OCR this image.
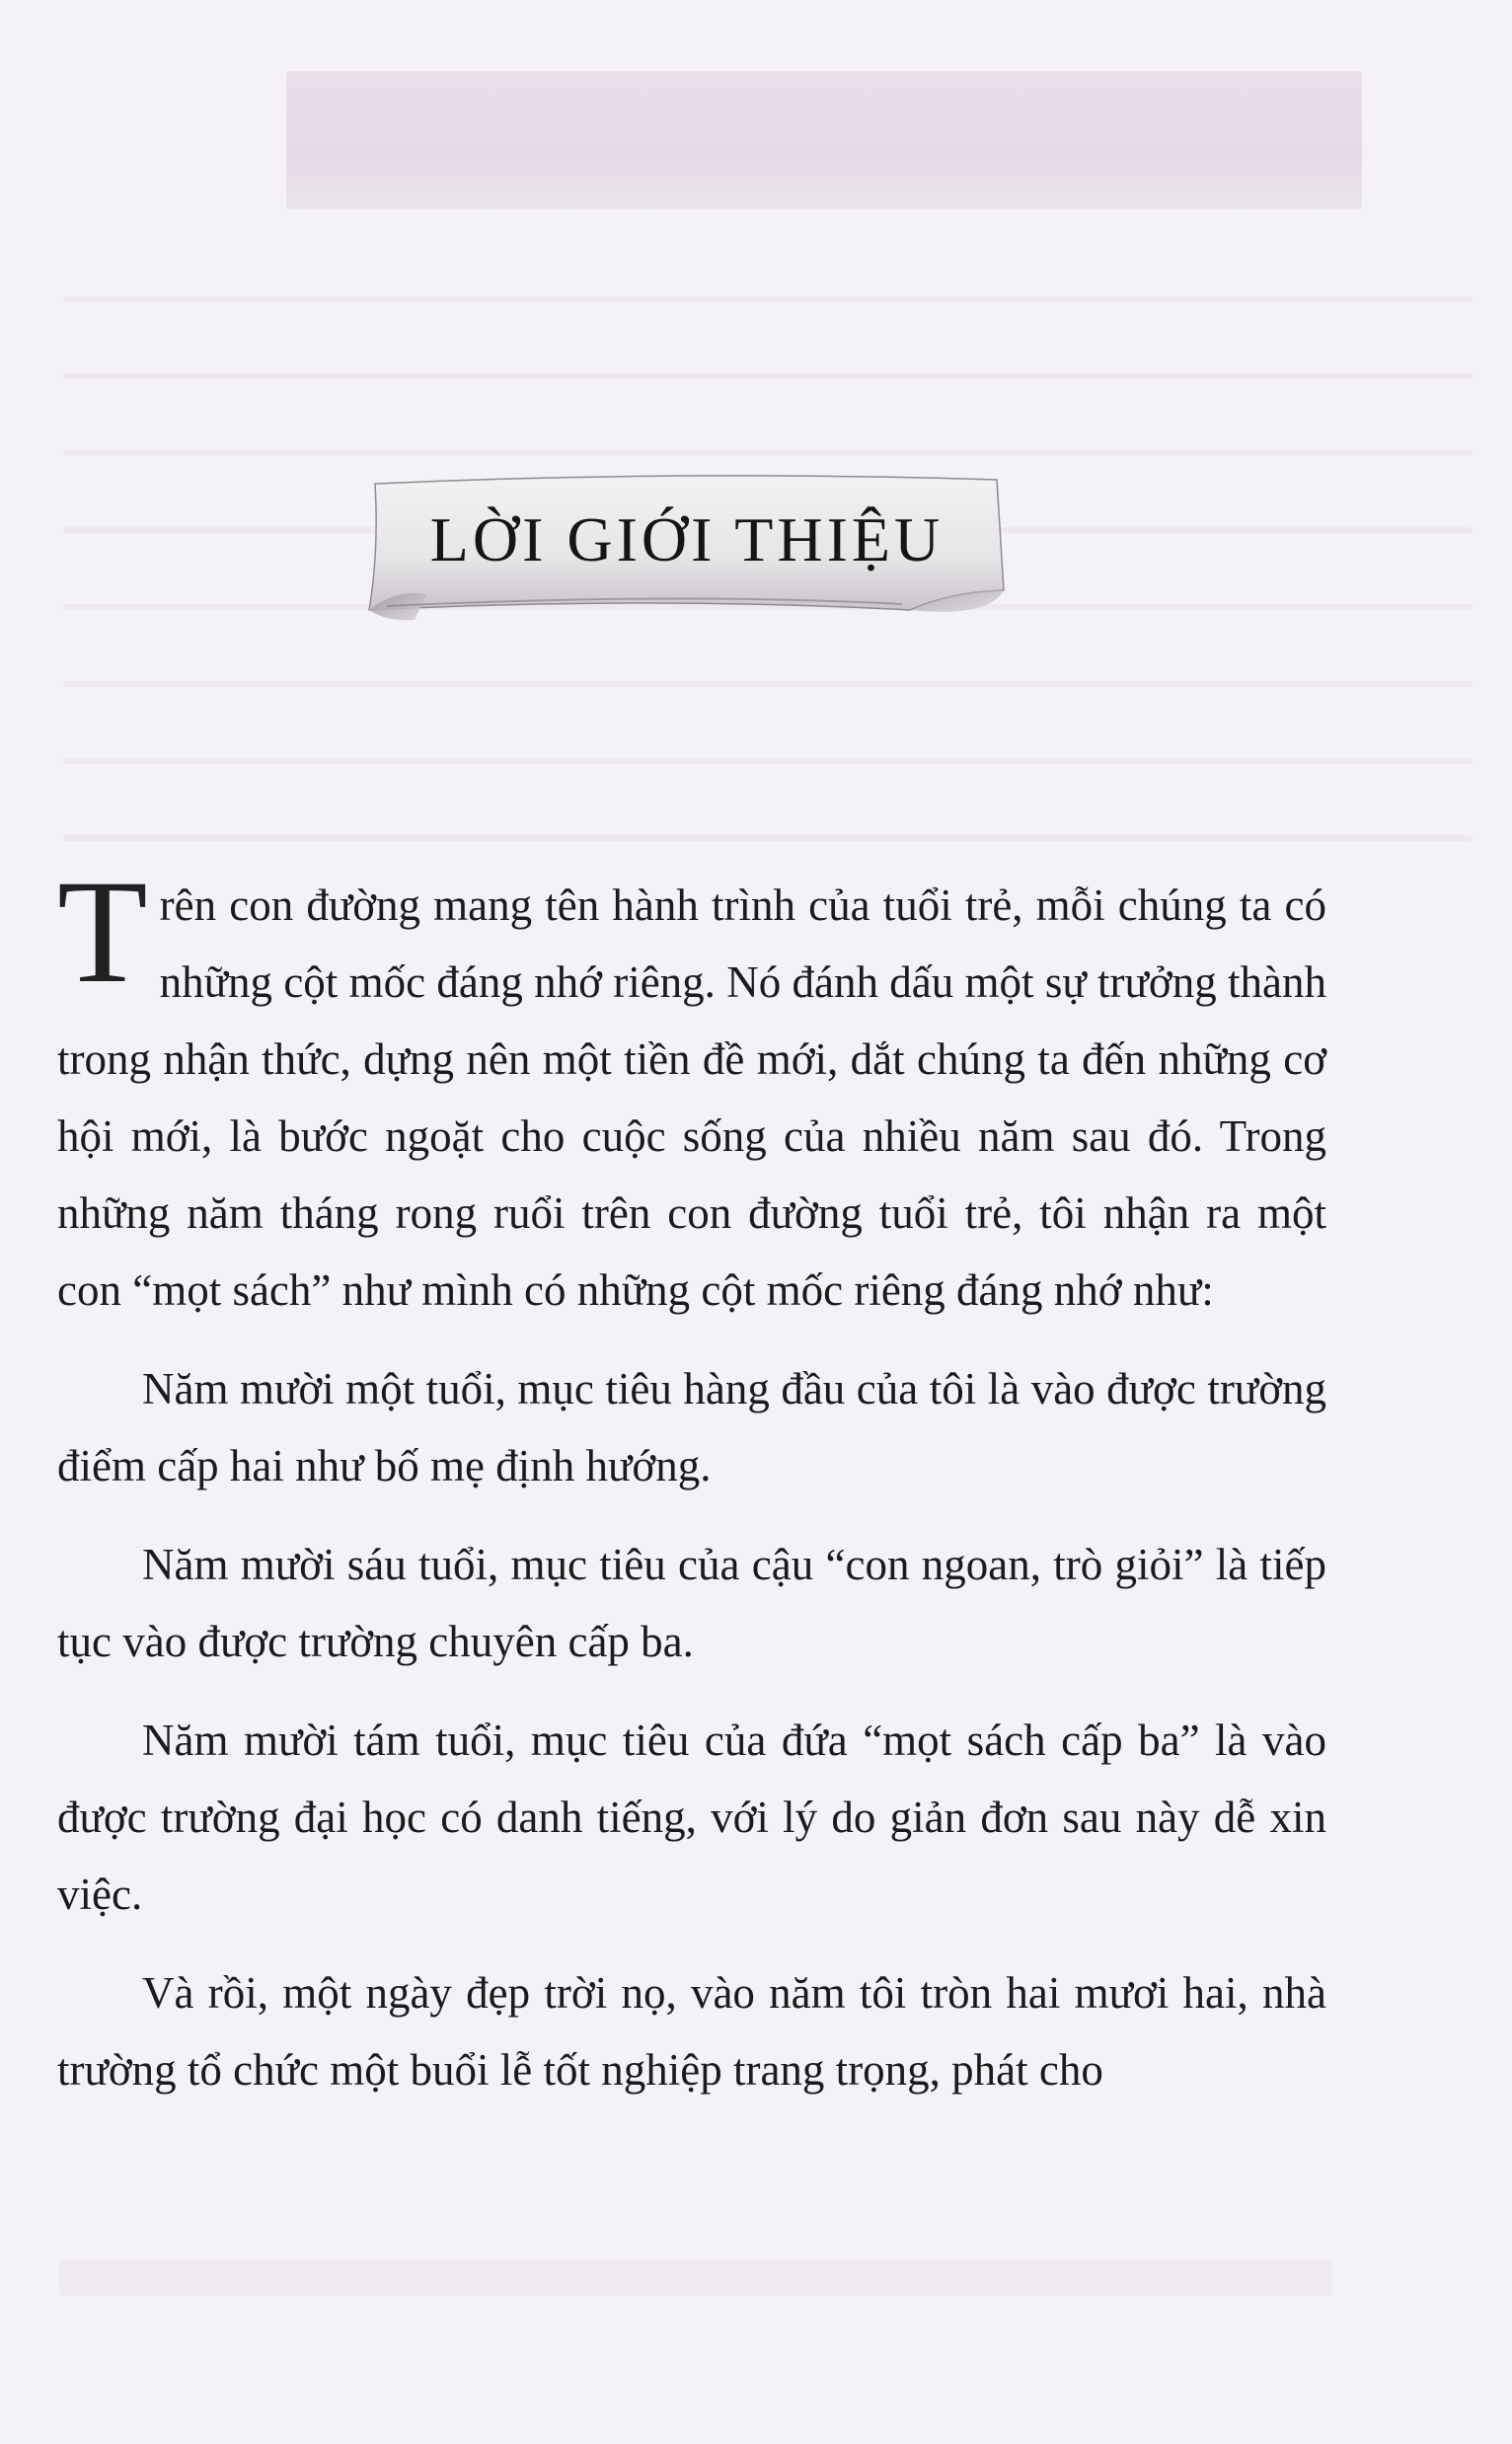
LỜI GIỚI THIỆU

Trên con đường mang tên hành trình của tuổi trẻ, mỗi chúng ta có những cột mốc đáng nhớ riêng. Nó đánh dấu một sự trưởng thành trong nhận thức, dựng nên một tiền đề mới, dắt chúng ta đến những cơ hội mới, là bước ngoặt cho cuộc sống của nhiều năm sau đó. Trong những năm tháng rong ruổi trên con đường tuổi trẻ, tôi nhận ra một con “mọt sách” như mình có những cột mốc riêng đáng nhớ như:

Năm mười một tuổi, mục tiêu hàng đầu của tôi là vào được trường điểm cấp hai như bố mẹ định hướng.

Năm mười sáu tuổi, mục tiêu của cậu “con ngoan, trò giỏi” là tiếp tục vào được trường chuyên cấp ba.

Năm mười tám tuổi, mục tiêu của đứa “mọt sách cấp ba” là vào được trường đại học có danh tiếng, với lý do giản đơn sau này dễ xin việc.

Và rồi, một ngày đẹp trời nọ, vào năm tôi tròn hai mươi hai, nhà trường tổ chức một buổi lễ tốt nghiệp trang trọng, phát cho
